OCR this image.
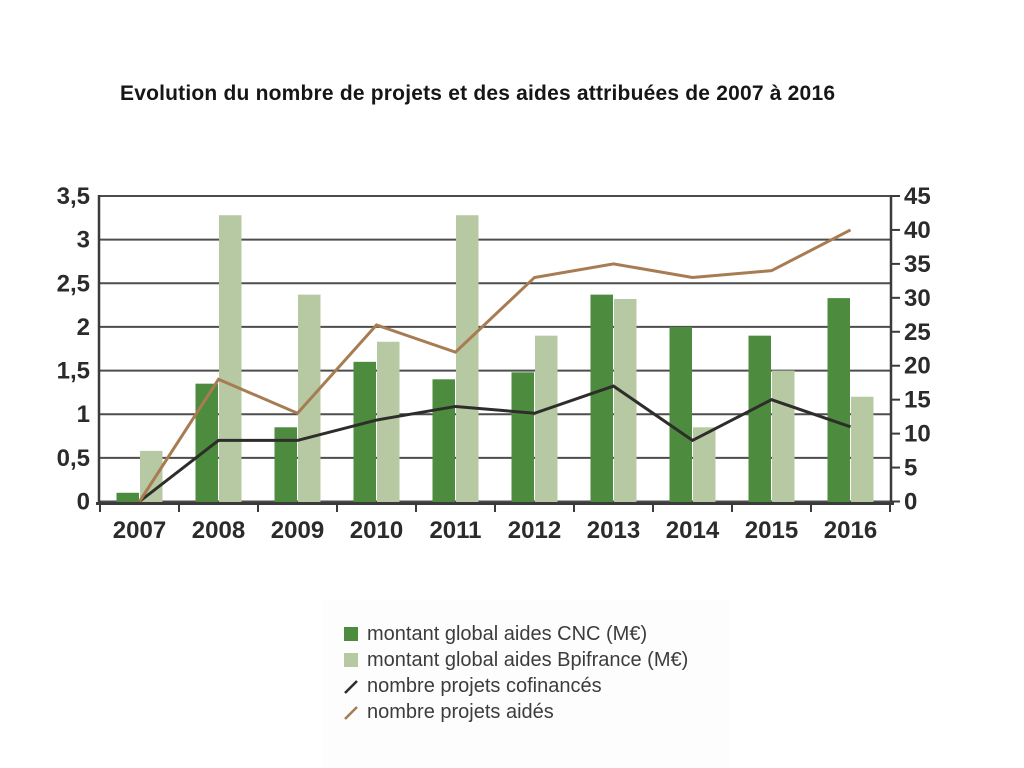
Evolution du nombre de projets et des aides attribuées de 2007 à 2016
0
0,5
1
1,5
2
2,5
3
3,5
0
5
10
15
20
25
30
35
40
45
2007 2008 2009 2010 2011 2012 2013 2014 2015 2016
montant global aides CNC (M€)
montant global aides Bpifrance (M€)
nombre projets cofinancés
nombre projets aidés
